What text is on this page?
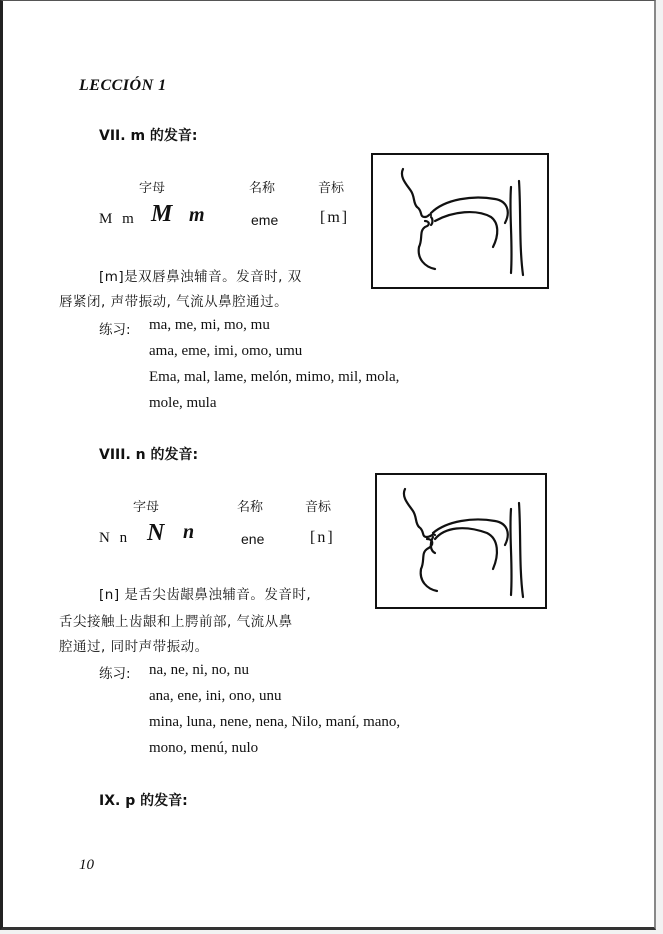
LECCIÓN 1
VII. m 的发音:
字母	名称	音标
M m M m	eme	[m]
[m]是双唇鼻浊辅音。发音时, 双
唇紧闭, 声带振动, 气流从鼻腔通过。
练习: ma, me, mi, mo, mu
ama, eme, imi, omo, umu
Ema, mal, lame, melón, mimo, mil, mola,
mole, mula
VIII. n 的发音:
字母	名称	音标
N n N n	ene	[n]
[n] 是舌尖齿龈鼻浊辅音。发音时,
舌尖接触上齿龈和上腭前部, 气流从鼻
腔通过, 同时声带振动。
练习: na, ne, ni, no, nu
ana, ene, ini, ono, unu
mina, luna, nene, nena, Nilo, maní, mano,
mono, menú, nulo
IX. p 的发音:
10
